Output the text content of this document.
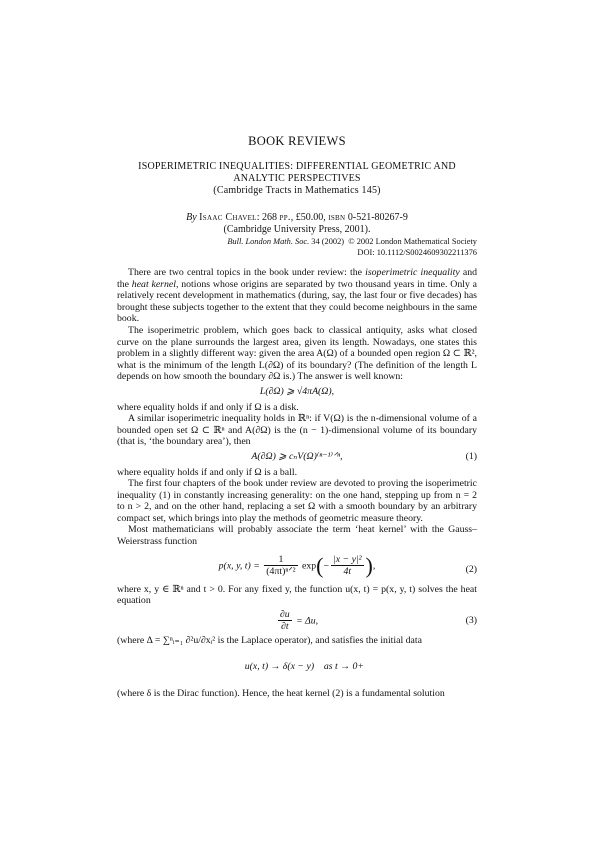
BOOK REVIEWS
ISOPERIMETRIC INEQUALITIES: DIFFERENTIAL GEOMETRIC AND
ANALYTIC PERSPECTIVES
(Cambridge Tracts in Mathematics 145)
By Isaac Chavel: 268 pp., £50.00, isbn 0-521-80267-9
(Cambridge University Press, 2001).
Bull. London Math. Soc. 34 (2002) © 2002 London Mathematical Society
DOI: 10.1112/S0024609302211376

There are two central topics in the book under review: the isoperimetric inequality and the heat kernel, notions whose origins are separated by two thousand years in time. Only a relatively recent development in mathematics (during, say, the last four or five decades) has brought these subjects together to the extent that they could become neighbours in the same book.

The isoperimetric problem, which goes back to classical antiquity, asks what closed curve on the plane surrounds the largest area, given its length. Nowadays, one states this problem in a slightly different way: given the area A(Ω) of a bounded open region Ω ⊂ ℝ², what is the minimum of the length L(∂Ω) of its boundary? (The definition of the length L depends on how smooth the boundary ∂Ω is.) The answer is well known:

L(∂Ω) ⩾ √4πA(Ω),

where equality holds if and only if Ω is a disk.

A similar isoperimetric inequality holds in ℝⁿ: if V(Ω) is the n-dimensional volume of a bounded open set Ω ⊂ ℝⁿ and A(∂Ω) is the (n − 1)-dimensional volume of its boundary (that is, ‘the boundary area’), then

A(∂Ω) ⩾ cₙV(Ω)⁽ⁿ⁻¹⁾ᐟⁿ,	(1)

where equality holds if and only if Ω is a ball.

The first four chapters of the book under review are devoted to proving the isoperimetric inequality (1) in constantly increasing generality: on the one hand, stepping up from n = 2 to n > 2, and on the other hand, replacing a set Ω with a smooth boundary by an arbitrary compact set, which brings into play the methods of geometric measure theory.

Most mathematicians will probably associate the term ‘heat kernel’ with the Gauss–Weierstrass function

p(x, y, $t) = \frac{1}{\text{(4πt)ⁿᐟ²}} \exp(- \frac{\text{|x − y|²}}{4t}$ ),	(2)

where x, y ∈ ℝⁿ and t > 0. For any fixed y, the function u(x, t) = p(x, y, t) solves the heat equation

$\frac{\partial u}{\partial t} = \Delta u$,	(3)

(where Δ = ∑ⁿᵢ₌₁ ∂²u/∂xᵢ² is the Laplace operator), and satisfies the initial data

u(x, t) → δ(x − y)    as t → 0+

(where δ is the Dirac function). Hence, the heat kernel (2) is a fundamental solution
